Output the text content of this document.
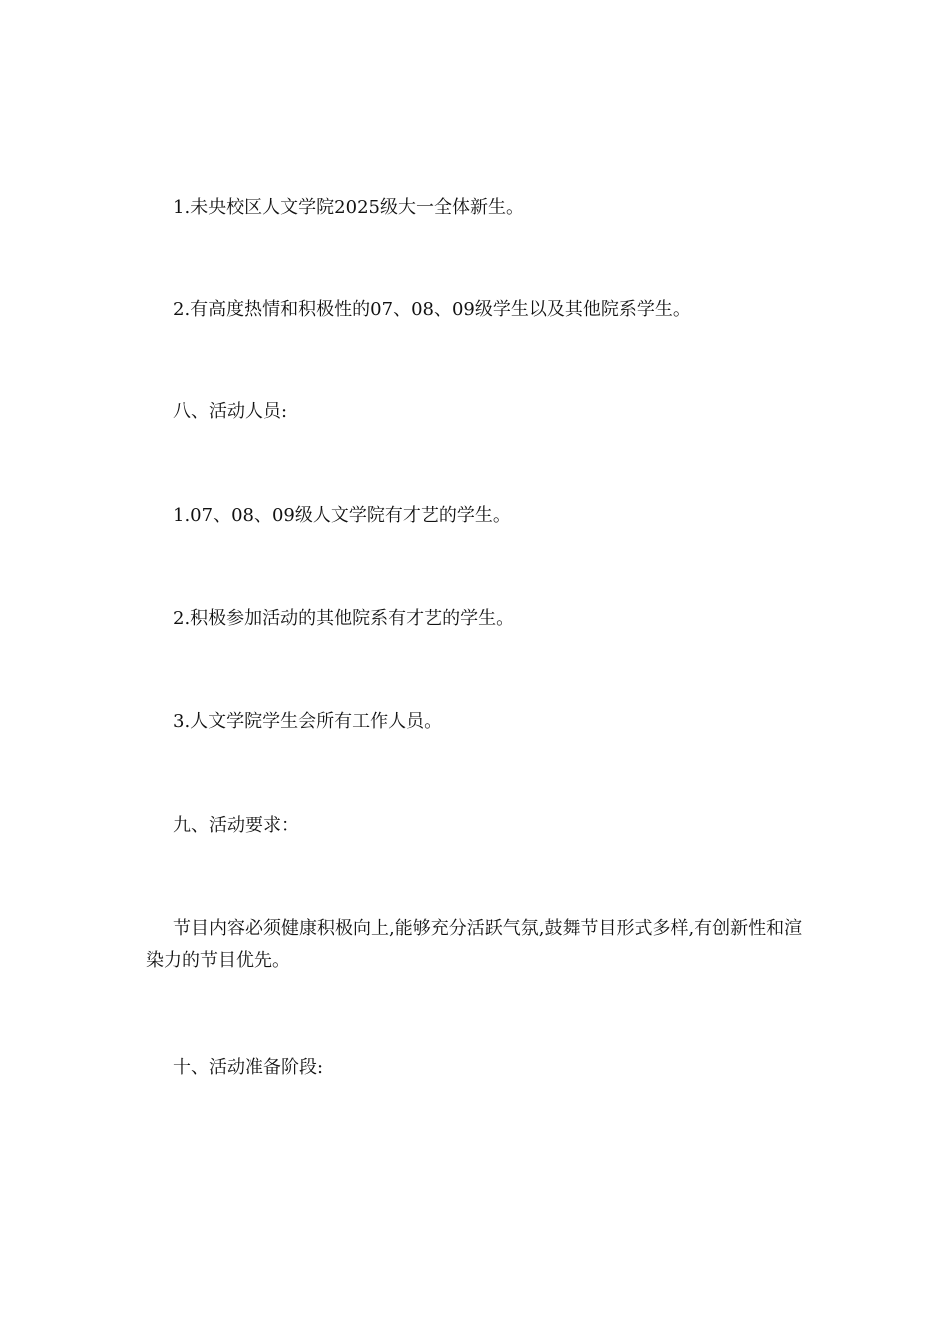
1.未央校区人文学院2025级大一全体新生。

2.有高度热情和积极性的07、08、09级学生以及其他院系学生。

八、活动人员:

1.07、08、09级人文学院有才艺的学生。

2.积极参加活动的其他院系有才艺的学生。

3.人文学院学生会所有工作人员。

九、活动要求：

节目内容必须健康积极向上,能够充分活跃气氛,鼓舞节目形式多样,有创新性和渲染力的节目优先。

十、活动准备阶段:
